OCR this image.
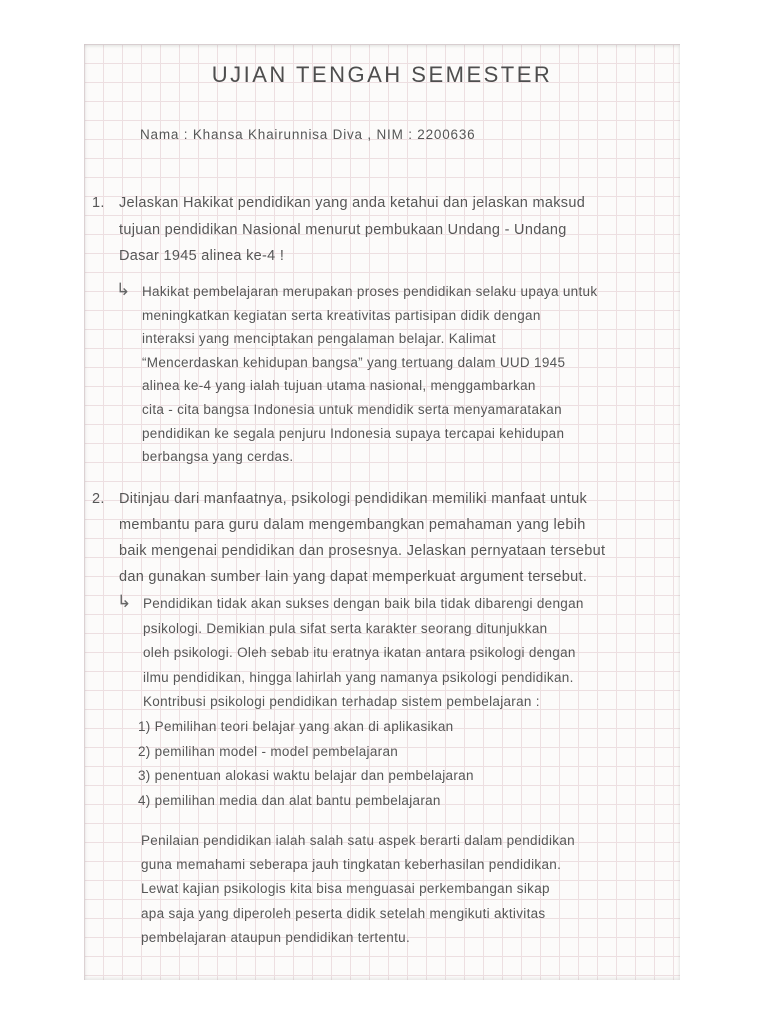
UJIAN TENGAH SEMESTER
Nama : Khansa Khairunnisa Diva , NIM : 2200636
1. Jelaskan Hakikat pendidikan yang anda ketahui dan jelaskan maksud
tujuan pendidikan Nasional menurut pembukaan Undang - Undang
Dasar 1945 alinea ke-4 !
↳ Hakikat pembelajaran merupakan proses pendidikan selaku upaya untuk
meningkatkan kegiatan serta kreativitas partisipan didik dengan
interaksi yang menciptakan pengalaman belajar. Kalimat
“Mencerdaskan kehidupan bangsa” yang tertuang dalam UUD 1945
alinea ke-4 yang ialah tujuan utama nasional, menggambarkan
cita - cita bangsa Indonesia untuk mendidik serta menyamaratakan
pendidikan ke segala penjuru Indonesia supaya tercapai kehidupan
berbangsa yang cerdas.
2. Ditinjau dari manfaatnya, psikologi pendidikan memiliki manfaat untuk
membantu para guru dalam mengembangkan pemahaman yang lebih
baik mengenai pendidikan dan prosesnya. Jelaskan pernyataan tersebut
dan gunakan sumber lain yang dapat memperkuat argument tersebut.
↳ Pendidikan tidak akan sukses dengan baik bila tidak dibarengi dengan
psikologi. Demikian pula sifat serta karakter seorang ditunjukkan
oleh psikologi. Oleh sebab itu eratnya ikatan antara psikologi dengan
ilmu pendidikan, hingga lahirlah yang namanya psikologi pendidikan.
Kontribusi psikologi pendidikan terhadap sistem pembelajaran :
1) Pemilihan teori belajar yang akan di aplikasikan
2) pemilihan model - model pembelajaran
3) penentuan alokasi waktu belajar dan pembelajaran
4) pemilihan media dan alat bantu pembelajaran
Penilaian pendidikan ialah salah satu aspek berarti dalam pendidikan
guna memahami seberapa jauh tingkatan keberhasilan pendidikan.
Lewat kajian psikologis kita bisa menguasai perkembangan sikap
apa saja yang diperoleh peserta didik setelah mengikuti aktivitas
pembelajaran ataupun pendidikan tertentu.
